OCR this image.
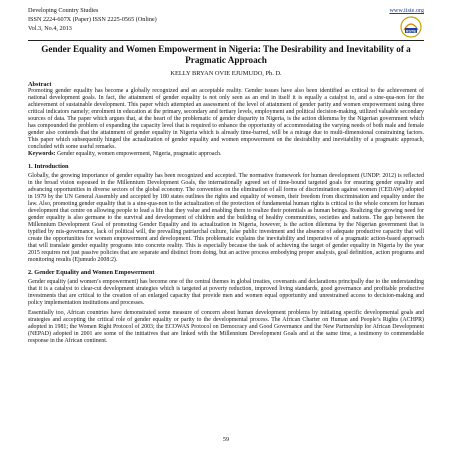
Developing Country Studies
ISSN 2224-607X (Paper) ISSN 2225-0565 (Online)
Vol.3, No.4, 2013
www.iiste.org
IISTE
Gender Equality and Women Empowerment in Nigeria: The Desirability and Inevitability of a Pragmatic Approach
KELLY BRYAN OVIE EJUMUDO, Ph. D.
Abstract

Promoting gender equality has become a globally recognized and an acceptable reality. Gender issues have also been identified as critical to the achievement of national development goals. In fact, the attainment of gender equality is not only seen as an end in itself it is equally a catalyst to, and a sine-qua-non for the achievement of sustainable development. This paper which attempted an assessment of the level of attainment of gender parity and women empowerment using three critical indicators namely; enrolment in education at the primary, secondary and tertiary levels, employment and political decision-making, utilized valuable secondary sources of data. The paper which argues that, at the heart of the problematic of gender disparity in Nigeria, is the action dilemma by the Nigerian government which has compounded the problem of expanding the capacity level that is required to enhance the opportunity of accommodating the varying needs of both male and female gender also contends that the attainment of gender equality in Nigeria which is already time-barred, will be a mirage due to multi-dimensional constraining factors. This paper which subsequently hinged the actualization of gender equality and women empowerment on the desirability and inevitability of a pragmatic approach, concluded with some useful remarks.

Keywords: Gender equality, women empowerment, Nigeria, pragmatic approach.

1. Introduction

Globally, the growing importance of gender equality has been recognized and accepted. The normative framework for human development (UNDP: 2012) is reflected in the broad vision espoused in the Millennium Development Goals, the internationally agreed set of time-bound targeted goals for ensuring gender equality and advancing opportunities in diverse sectors of the global economy. The convention on the elimination of all forms of discrimination against women (CEDAW) adopted in 1979 by the UN General Assembly and accepted by 180 states outlines the rights and equality of women, their freedom from discrimination and equality under the law. Also, promoting gender equality that is a sine-qua-non to the actualization of the protection of fundamental human rights is critical to the whole concern for human development that centre on allowing people to lead a life that they value and enabling them to realize their potentials as human beings. Realizing the growing need for gender equality is also germane to the survival and development of children and the building of healthy communities, societies and nations. The gap between the Millennium Development Goal of promoting Gender Equality and its actualization in Nigeria, however, is the action dilemma by the Nigerian government that is typified by mis-governance, lack of political will, the prevailing patriarchal culture, false public investment and the absence of adequate productive capacity that will create the opportunities for women empowerment and development. This problematic explains the inevitability and imperative of a pragmatic action-based approach that will translate gender equality programs into concrete reality. This is especially because the task of achieving the target of gender equality in Nigeria by the year 2015 requires not just passive policies that are separate and distinct from doing, but an active process embodying proper analysis, goal definition, action programs and monitoring results (Ejumudo 2008:2).

2. Gender Equality and Women Empowerment

Gender equality (and women’s empowerment) has become one of the central themes in global treaties, covenants and declarations principally due to the understanding that it is a catalyst to clear-cut development strategies which is targeted at poverty reduction, improved living standards, good governance and profitable productive investments that are critical to the creation of an enlarged capacity that provide men and women equal opportunity and unrestrained access to decision-making and policy implementation institutions and processes.

Essentially too, African countries have demonstrated some measure of concern about human development problems by initiating specific developmental goals and strategies and accepting the critical role of gender equality or parity to the developmental process. The African Charter on Human and People’s Rights (ACHPR) adopted in 1981; the Women Right Protocol of 2003; the ECOWAS Protocol on Democracy and Good Governance and the New Partnership for African Development (NEPAD) adopted in 2001 are some of the initiatives that are linked with the Millennium Development Goals and at the same time, a testimony to commendable response in the African continent.

59
